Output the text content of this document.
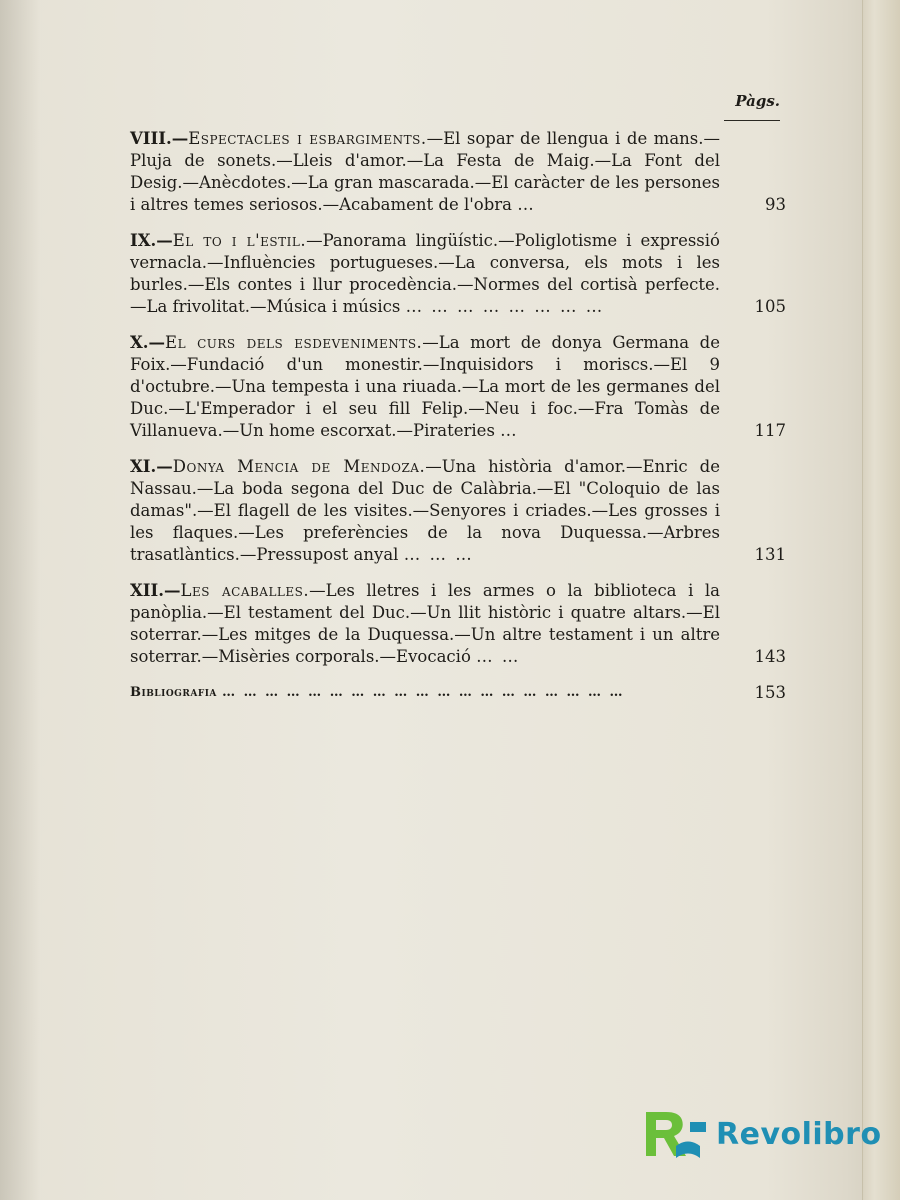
Pàgs.
VIII.—Espectacles i esbargiments.—El sopar de llengua i de mans.—Pluja de sonets.—Lleis d'amor.—La Festa de Maig.—La Font del Desig.—Anècdotes.—La gran mascarada.—El caràcter de les persones i altres temes seriosos.—Acabament de l'obra …	93
IX.—El to i l'estil.—Panorama lingüístic.—Poliglotisme i expressió vernacla.—Influències portugueses.—La conversa, els mots i les burles.—Els contes i llur procedència.—Normes del cortisà perfecte.—La frivolitat.—Música i músics … … … … … … … …	105
X.—El curs dels esdeveniments.—La mort de donya Germana de Foix.—Fundació d'un monestir.—Inquisidors i moriscs.—El 9 d'octubre.—Una tempesta i una riuada.—La mort de les germanes del Duc.—L'Emperador i el seu fill Felip.—Neu i foc.—Fra Tomàs de Villanueva.—Un home escorxat.—Pirateries …	117
XI.—Donya Mencia de Mendoza.—Una història d'amor.—Enric de Nassau.—La boda segona del Duc de Calàbria.—El "Coloquio de las damas".—El flagell de les visites.—Senyores i criades.—Les grosses i les flaques.—Les preferències de la nova Duquessa.—Arbres trasatlàntics.—Pressupost anyal … … …	131
XII.—Les acaballes.—Les lletres i les armes o la biblioteca i la panòplia.—El testament del Duc.—Un llit històric i quatre altars.—El soterrar.—Les mitges de la Duquessa.—Un altre testament i un altre soterrar.—Misèries corporals.—Evocació … …	143
Bibliografia … … … … … … … … … … … … … … … … … … …	153
Revolibro
